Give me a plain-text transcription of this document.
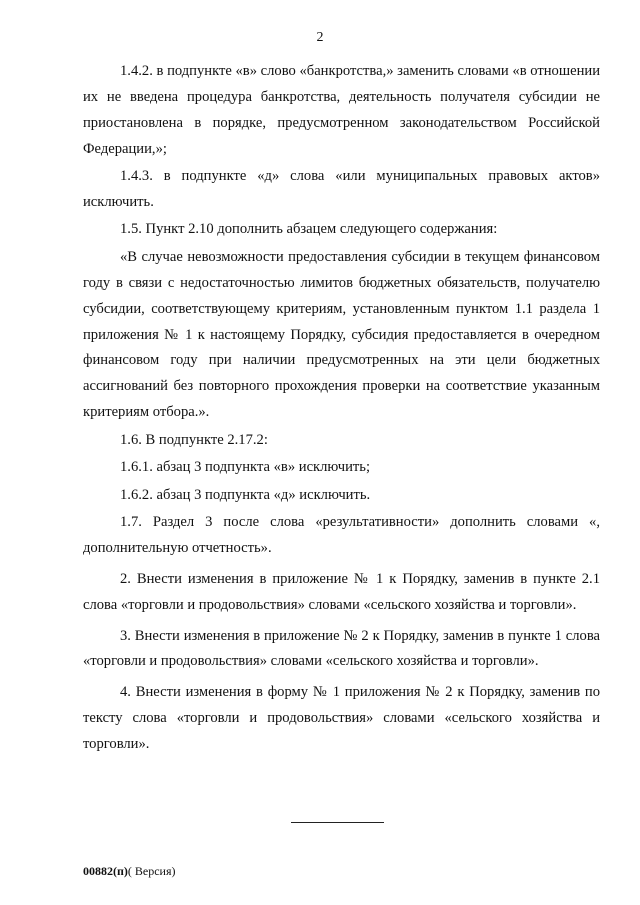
2

1.4.2. в подпункте «в» слово «банкротства,» заменить словами «в отношении их не введена процедура банкротства, деятельность получателя субсидии не приостановлена в порядке, предусмотренном законодательством Российской Федерации,»;

1.4.3. в подпункте «д» слова «или муниципальных правовых актов» исключить.

1.5. Пункт 2.10 дополнить абзацем следующего содержания:

«В случае невозможности предоставления субсидии в текущем финансовом году в связи с недостаточностью лимитов бюджетных обязательств, получателю субсидии, соответствующему критериям, установленным пунктом 1.1 раздела 1 приложения № 1 к настоящему Порядку, субсидия предоставляется в очередном финансовом году при наличии предусмотренных на эти цели бюджетных ассигнований без повторного прохождения проверки на соответствие указанным критериям отбора.».

1.6. В подпункте 2.17.2:

1.6.1. абзац 3 подпункта «в» исключить;

1.6.2. абзац 3 подпункта «д» исключить.

1.7. Раздел 3 после слова «результативности» дополнить словами «, дополнительную отчетность».

2. Внести изменения в приложение № 1 к Порядку, заменив в пункте 2.1 слова «торговли и продовольствия» словами «сельского хозяйства и торговли».

3. Внести изменения в приложение № 2 к Порядку, заменив в пункте 1 слова «торговли и продовольствия» словами «сельского хозяйства и торговли».

4. Внести изменения в форму № 1 приложения № 2 к Порядку, заменив по тексту слова «торговли и продовольствия» словами «сельского хозяйства и торговли».

00882(п)( Версия)
